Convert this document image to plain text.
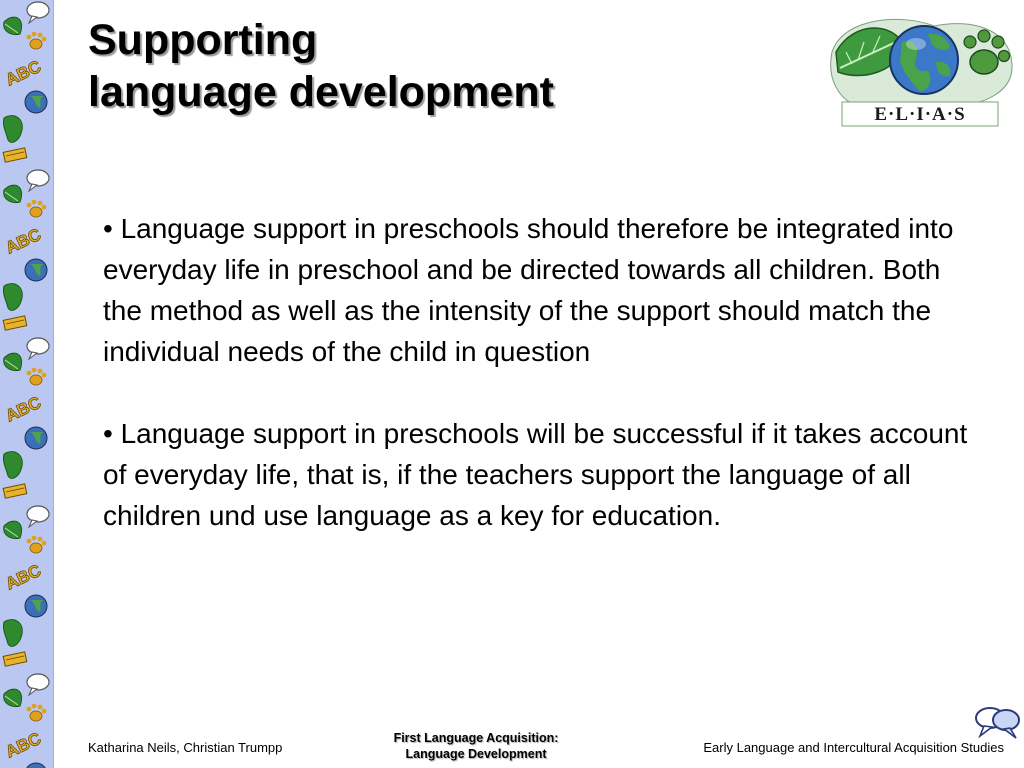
ABC
Supporting
language development	E·L·I·A·S

• Language support in preschools should therefore be integrated into everyday life in preschool and be directed towards all children. Both the method as well as the intensity of the support should match the individual needs of the child in question

• Language support in preschools will be successful if it takes account of everyday life, that is, if the teachers support the language of all children und use language as a key for education.

Katharina Neils, Christian Trumpp
First Language Acquisition:
Language Development	Early Language and Intercultural Acquisition Studies
